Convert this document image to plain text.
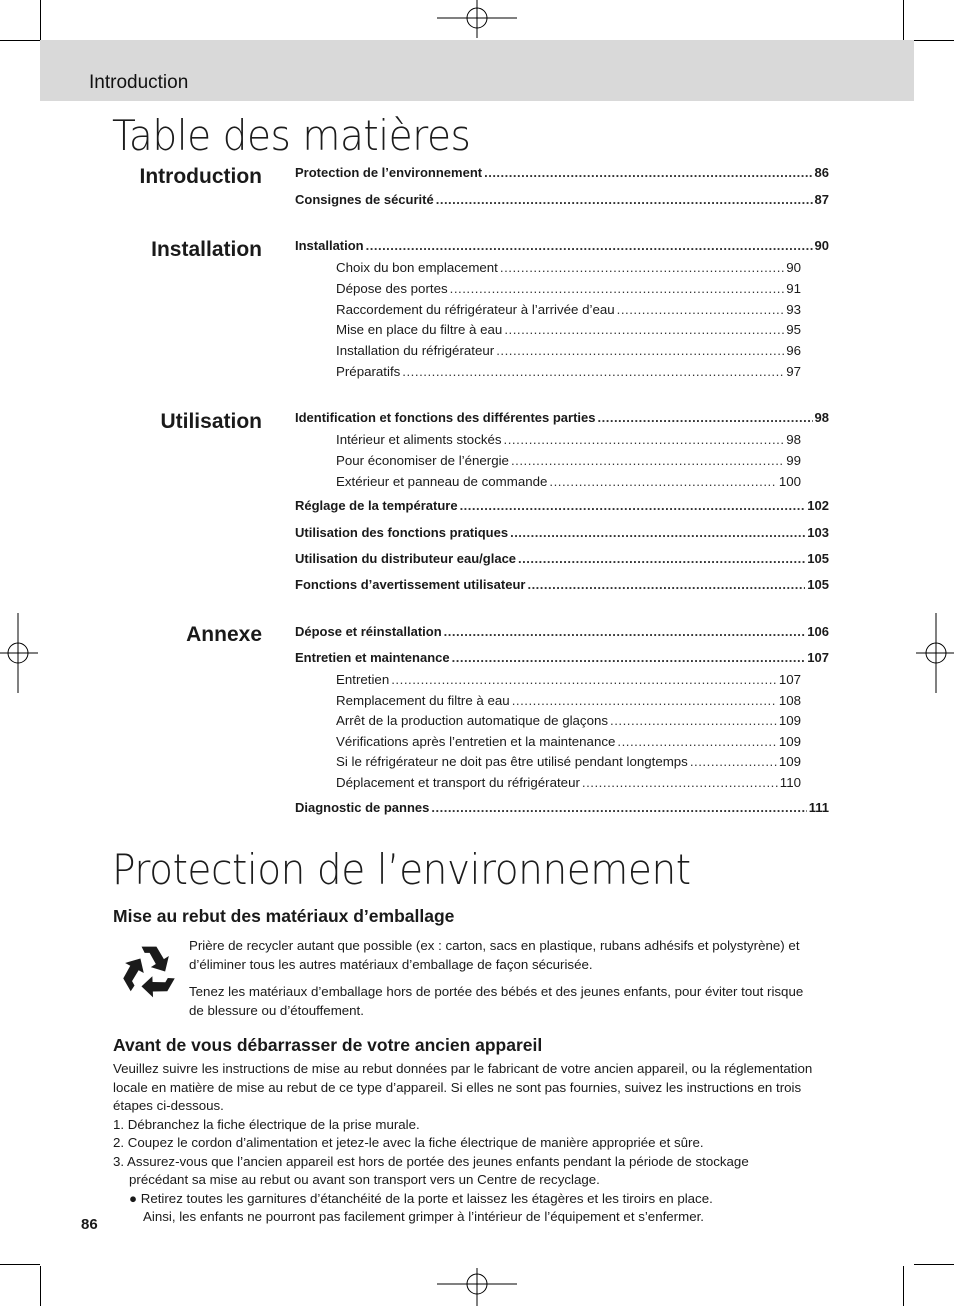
Introduction
Table des matières
Introduction
Installation
Utilisation
Annexe
Protection de l’environnement .....	86
Consignes de sécurité .....	87
Installation .....	90
Choix du bon emplacement .....	90
Dépose des portes .....	91
Raccordement du réfrigérateur à l’arrivée d’eau .....	93
Mise en place du filtre à eau .....	95
Installation du réfrigérateur .....	96
Préparatifs .....	97
Identification et fonctions des différentes parties .....	98
Intérieur et aliments stockés .....	98
Pour économiser de l’énergie .....	99
Extérieur et panneau de commande .....	100
Réglage de la température .....	102
Utilisation des fonctions pratiques .....	103
Utilisation du distributeur eau/glace .....	105
Fonctions d’avertissement utilisateur .....	105
Dépose et réinstallation .....	106
Entretien et maintenance .....	107
Entretien .....	107
Remplacement du filtre à eau .....	108
Arrêt de la production automatique de glaçons .....	109
Vérifications après l’entretien et la maintenance .....	109
Si le réfrigérateur ne doit pas être utilisé pendant longtemps .....	109
Déplacement et transport du réfrigérateur .....	110
Diagnostic de pannes .....	111
Protection de l’environnement
Mise au rebut des matériaux d’emballage
Prière de recycler autant que possible (ex : carton, sacs en plastique, rubans adhésifs et polystyrène) et d’éliminer tous les autres matériaux d’emballage de façon sécurisée.
Tenez les matériaux d’emballage hors de portée des bébés et des jeunes enfants, pour éviter tout risque de blessure ou d’étouffement.
Avant de vous débarrasser de votre ancien appareil
Veuillez suivre les instructions de mise au rebut données par le fabricant de votre ancien appareil, ou la réglementation locale en matière de mise au rebut de ce type d’appareil. Si elles ne sont pas fournies, suivez les instructions en trois étapes ci-dessous.
1. Débranchez la fiche électrique de la prise murale.
2. Coupez le cordon d’alimentation et jetez-le avec la fiche électrique de manière appropriée et sûre.
3. Assurez-vous que l’ancien appareil est hors de portée des jeunes enfants pendant la période de stockage
précédant sa mise au rebut ou avant son transport vers un Centre de recyclage.
● Retirez toutes les garnitures d’étanchéité de la porte et laissez les étagères et les tiroirs en place.
Ainsi, les enfants ne pourront pas facilement grimper à l’intérieur de l’équipement et s’enfermer.
86
